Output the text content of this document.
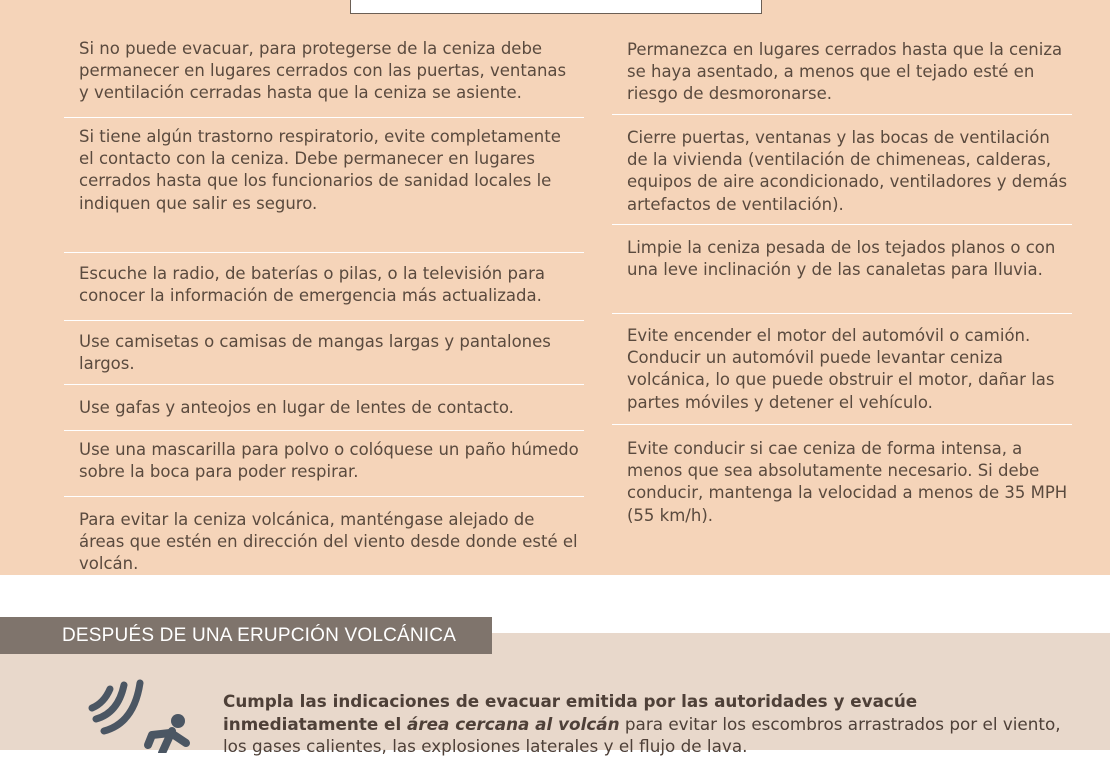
Si no puede evacuar, para protegerse de la ceniza debe permanecer en lugares cerrados con las puertas, ventanas y ventilación cerradas hasta que la ceniza se asiente.
Si tiene algún trastorno respiratorio, evite completamente el contacto con la ceniza. Debe permanecer en lugares cerrados hasta que los funcionarios de sanidad locales le indiquen que salir es seguro.
Escuche la radio, de baterías o pilas, o la televisión para conocer la información de emergencia más actualizada.
Use camisetas o camisas de mangas largas y pantalones largos.
Use gafas y anteojos en lugar de lentes de contacto.
Use una mascarilla para polvo o colóquese un paño húmedo sobre la boca para poder respirar.
Para evitar la ceniza volcánica, manténgase alejado de áreas que estén en dirección del viento desde donde esté el volcán.
Permanezca en lugares cerrados hasta que la ceniza se haya asentado, a menos que el tejado esté en riesgo de desmoronarse.
Cierre puertas, ventanas y las bocas de ventilación de la vivienda (ventilación de chimeneas, calderas, equipos de aire acondicionado, ventiladores y demás artefactos de ventilación).
Limpie la ceniza pesada de los tejados planos o con una leve inclinación y de las canaletas para lluvia.
Evite encender el motor del automóvil o camión. Conducir un automóvil puede levantar ceniza volcánica, lo que puede obstruir el motor, dañar las partes móviles y detener el vehículo.
Evite conducir si cae ceniza de forma intensa, a menos que sea absolutamente necesario. Si debe conducir, mantenga la velocidad a menos de 35 MPH (55 km/h).
DESPUÉS DE UNA ERUPCIÓN VOLCÁNICA
Cumpla las indicaciones de evacuar emitida por las autoridades y evacúe inmediatamente el área cercana al volcán para evitar los escombros arrastrados por el viento, los gases calientes, las explosiones laterales y el flujo de lava.
